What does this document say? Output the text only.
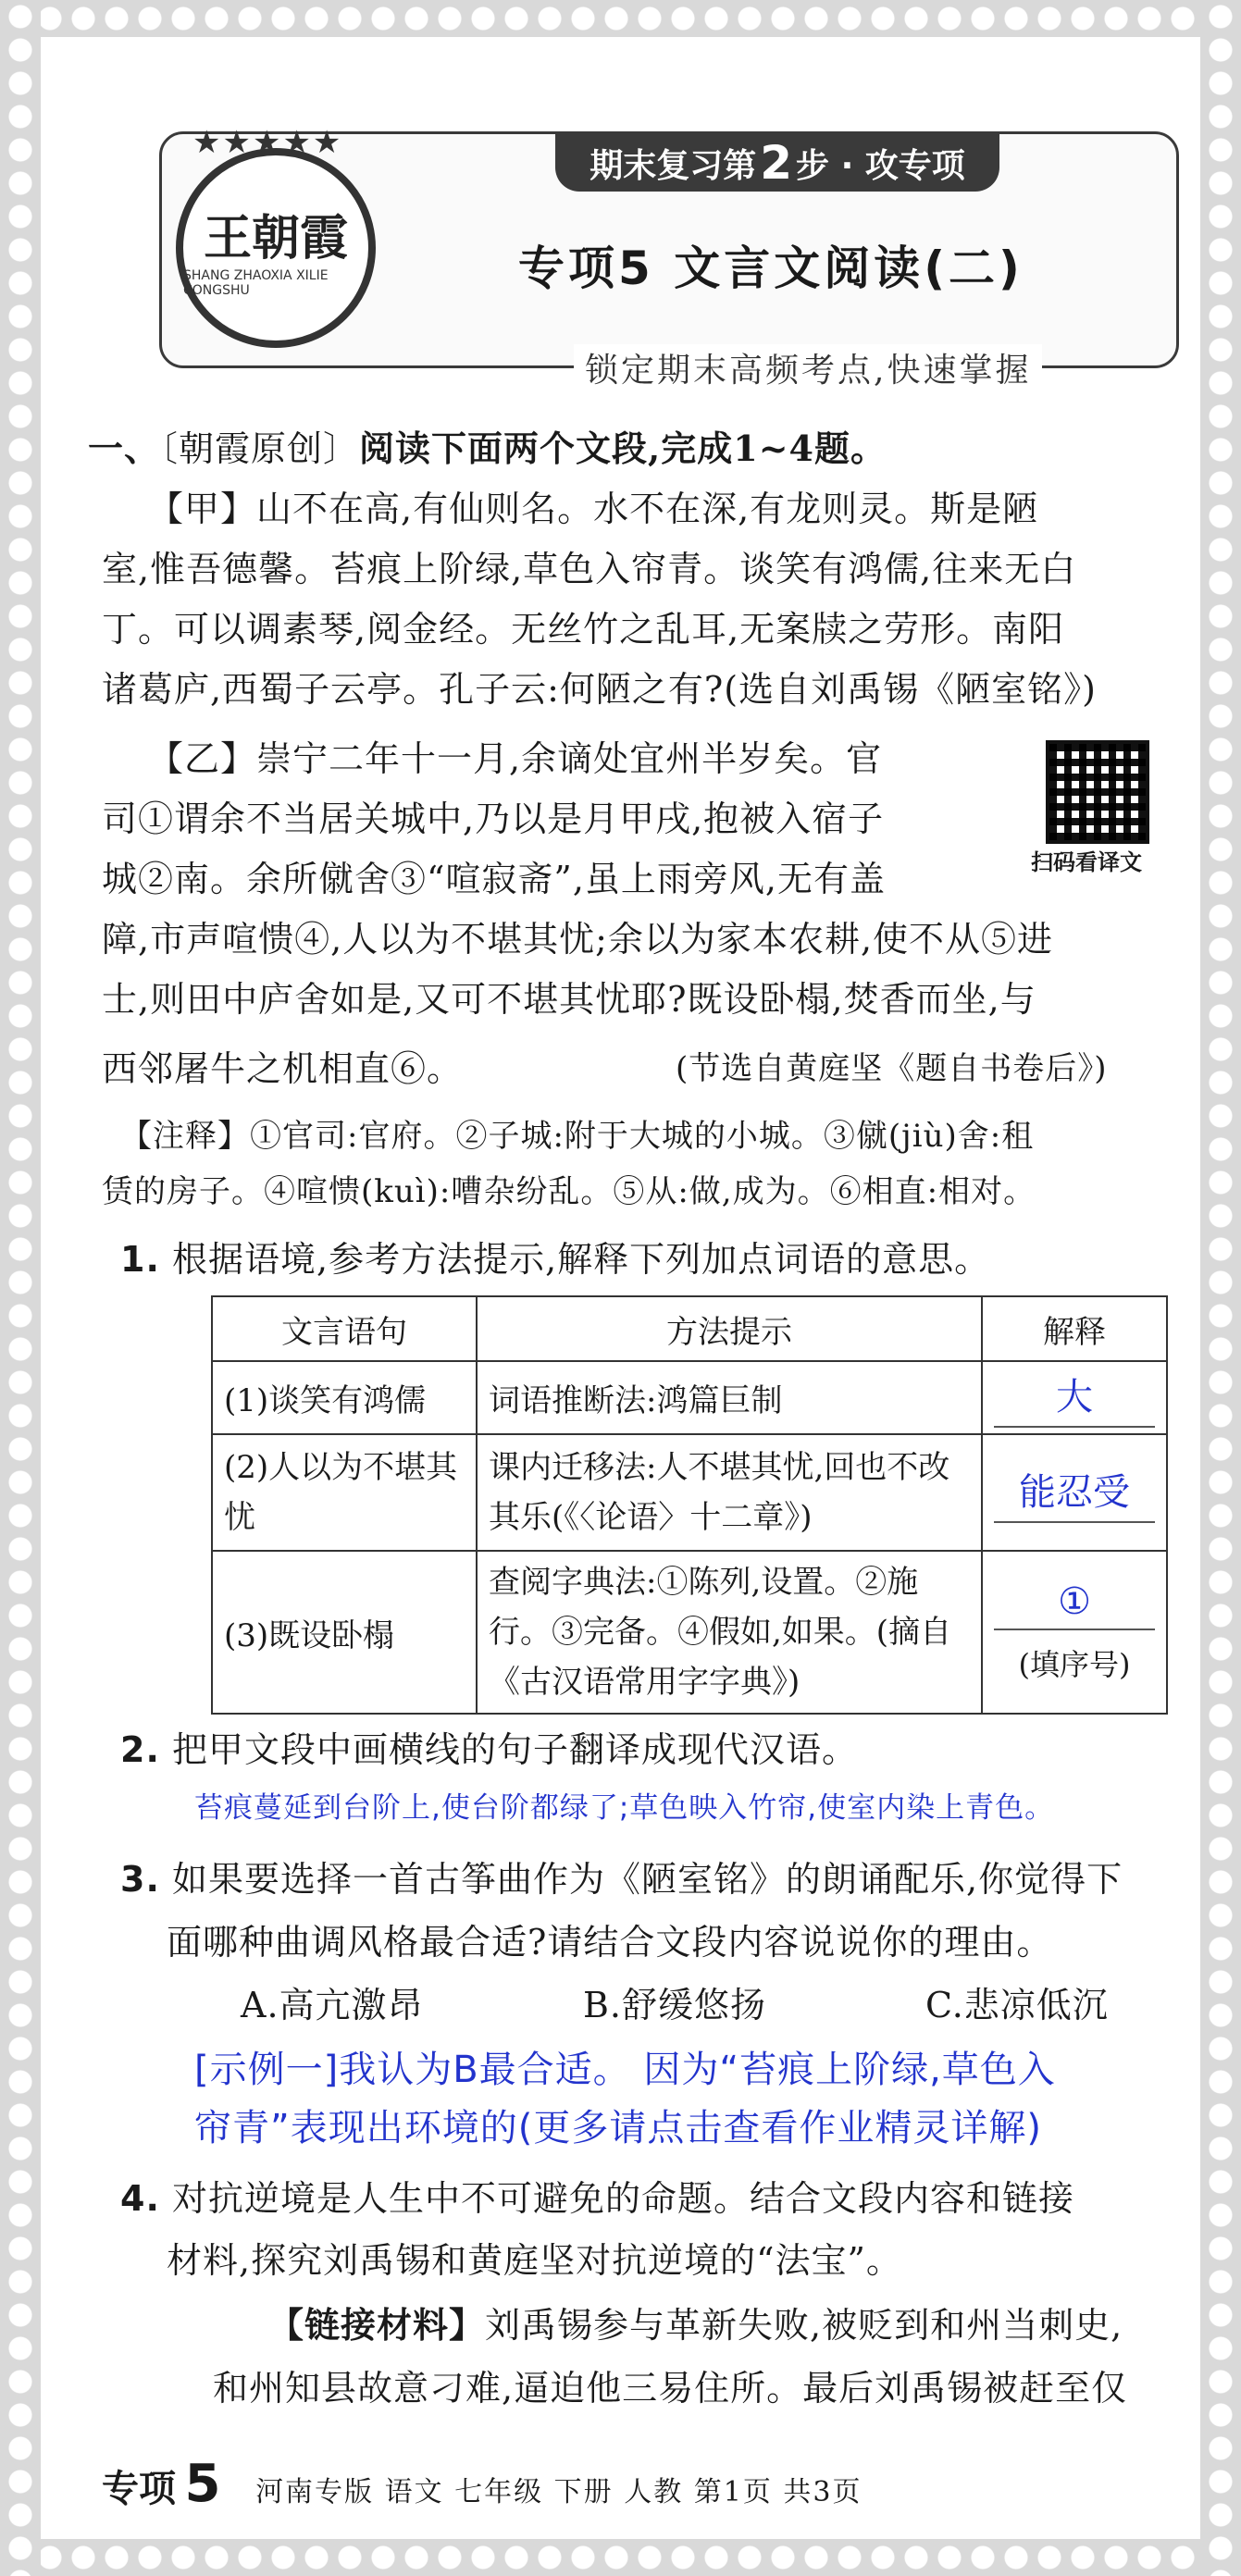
期末复习第 2 步 · 攻专项
★★★★★
王朝霞
SHANG ZHAOXIA XILIE CONGSHU	专项5 文言文阅读(二)
锁定期末高频考点,快速掌握
一、〔朝霞原创〕阅读下面两个文段,完成1~4题。
【甲】山不在高,有仙则名。水不在深,有龙则灵。斯是陋
室,惟吾德馨。苔痕上阶绿,草色入帘青。谈笑有鸿儒,往来无白
丁。可以调素琴,阅金经。无丝竹之乱耳,无案牍之劳形。南阳
诸葛庐,西蜀子云亭。孔子云:何陋之有?(选自刘禹锡《陋室铭》)
【乙】崇宁二年十一月,余谪处宜州半岁矣。官
司①谓余不当居关城中,乃以是月甲戌,抱被入宿子
城②南。余所僦舍③“喧寂斋”,虽上雨旁风,无有盖
障,市声喧愦④,人以为不堪其忧;余以为家本农耕,使不从⑤进
士,则田中庐舍如是,又可不堪其忧耶?既设卧榻,焚香而坐,与
西邻屠牛之机相直⑥。	(节选自黄庭坚《题自书卷后》)
扫码看译文
【注释】①官司:官府。②子城:附于大城的小城。③僦(jiù)舍:租
赁的房子。④喧愦(kuì):嘈杂纷乱。⑤从:做,成为。⑥相直:相对。
1. 根据语境,参考方法提示,解释下列加点词语的意思。
文言语句	方法提示	解释
(1)谈笑有鸿儒	词语推断法:鸿篇巨制	大

(2)人以为不堪其忧	课内迁移法:人不堪其忧,回也不改其乐(《〈论语〉十二章》)	能忍受

(3)既设卧榻	查阅字典法:①陈列,设置。②施行。③完备。④假如,如果。(摘自《古汉语常用字字典》)	①
(填序号)
2. 把甲文段中画横线的句子翻译成现代汉语。
苔痕蔓延到台阶上,使台阶都绿了;草色映入竹帘,使室内染上青色。
3. 如果要选择一首古筝曲作为《陋室铭》的朗诵配乐,你觉得下
面哪种曲调风格最合适?请结合文段内容说说你的理由。
A.高亢激昂	B.舒缓悠扬	C.悲凉低沉
[示例一]我认为B最合适。 因为“苔痕上阶绿,草色入
帘青”表现出环境的(更多请点击查看作业精灵详解)
4. 对抗逆境是人生中不可避免的命题。结合文段内容和链接
材料,探究刘禹锡和黄庭坚对抗逆境的“法宝”。
【链接材料】刘禹锡参与革新失败,被贬到和州当刺史,
和州知县故意刁难,逼迫他三易住所。最后刘禹锡被赶至仅
专项 5 河南专版 语文 七年级 下册 人教 第1页 共3页
